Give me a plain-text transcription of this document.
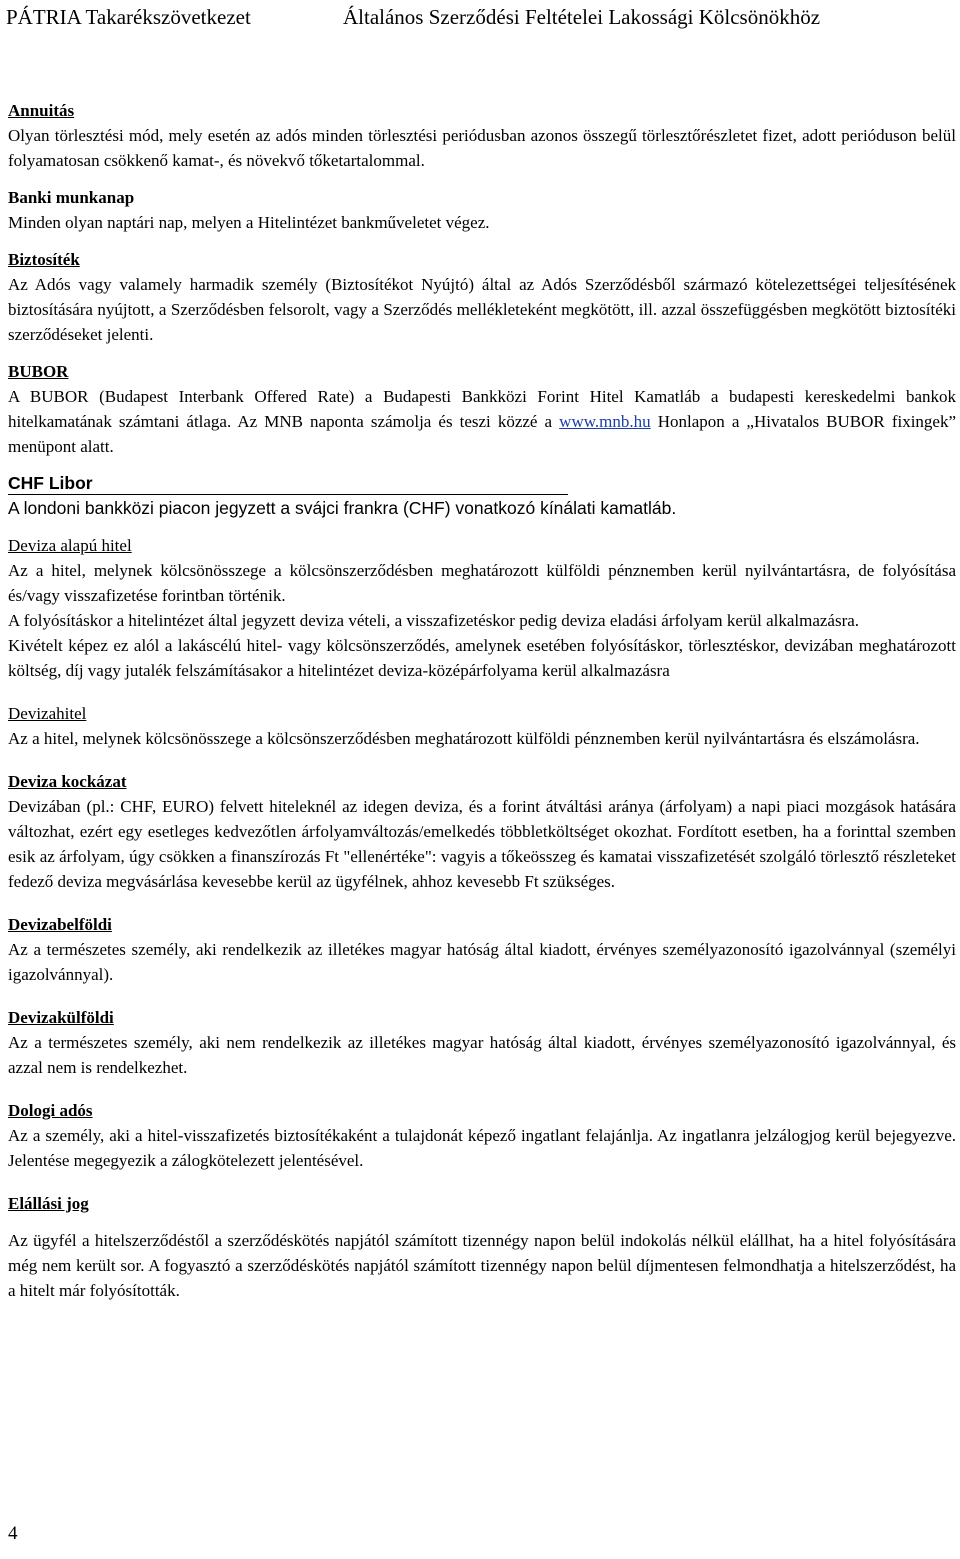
PÁTRIA Takarékszövetkezet	Általános Szerződési Feltételei Lakossági Kölcsönökhöz
Annuitás

Olyan törlesztési mód, mely esetén az adós minden törlesztési periódusban azonos összegű törlesztőrészletet fizet, adott perióduson belül folyamatosan csökkenő kamat-, és növekvő tőketartalommal.

Banki munkanap

Minden olyan naptári nap, melyen a Hitelintézet bankműveletet végez.

Biztosíték

Az Adós vagy valamely harmadik személy (Biztosítékot Nyújtó) által az Adós Szerződésből származó kötelezettségei teljesítésének biztosítására nyújtott, a Szerződésben felsorolt, vagy a Szerződés mellékleteként megkötött, ill. azzal összefüggésben megkötött biztosítéki szerződéseket jelenti.

BUBOR

A BUBOR (Budapest Interbank Offered Rate) a Budapesti Bankközi Forint Hitel Kamatláb a budapesti kereskedelmi bankok hitelkamatának számtani átlaga. Az MNB naponta számolja és teszi közzé a www.mnb.hu Honlapon a „Hivatalos BUBOR fixingek” menüpont alatt.

CHF Libor

A londoni bankközi piacon jegyzett a svájci frankra (CHF) vonatkozó kínálati kamatláb.

Deviza alapú hitel

Az a hitel, melynek kölcsönösszege a kölcsönszerződésben meghatározott külföldi pénznemben kerül nyilvántartásra, de folyósítása és/vagy visszafizetése forintban történik.

A folyósításkor a hitelintézet által jegyzett deviza vételi, a visszafizetéskor pedig deviza eladási árfolyam kerül alkalmazásra.

Kivételt képez ez alól a lakáscélú hitel- vagy kölcsönszerződés, amelynek esetében folyósításkor, törlesztéskor, devizában meghatározott költség, díj vagy jutalék felszámításakor a hitelintézet deviza-középárfolyama kerül alkalmazásra

Devizahitel

Az a hitel, melynek kölcsönösszege a kölcsönszerződésben meghatározott külföldi pénznemben kerül nyilvántartásra és elszámolásra.

Deviza kockázat

Devizában (pl.: CHF, EURO) felvett hiteleknél az idegen deviza, és a forint átváltási aránya (árfolyam) a napi piaci mozgások hatására változhat, ezért egy esetleges kedvezőtlen árfolyamváltozás/emelkedés többletköltséget okozhat. Fordított esetben, ha a forinttal szemben esik az árfolyam, úgy csökken a finanszírozás Ft "ellenértéke": vagyis a tőkeösszeg és kamatai visszafizetését szolgáló törlesztő részleteket fedező deviza megvásárlása kevesebbe kerül az ügyfélnek, ahhoz kevesebb Ft szükséges.

Devizabelföldi

Az a természetes személy, aki rendelkezik az illetékes magyar hatóság által kiadott, érvényes személyazonosító igazolvánnyal (személyi igazolvánnyal).

Devizakülföldi

Az a természetes személy, aki nem rendelkezik az illetékes magyar hatóság által kiadott, érvényes személyazonosító igazolvánnyal, és azzal nem is rendelkezhet.

Dologi adós

Az a személy, aki a hitel-visszafizetés biztosítékaként a tulajdonát képező ingatlant felajánlja. Az ingatlanra jelzálogjog kerül bejegyezve. Jelentése megegyezik a zálogkötelezett jelentésével.

Elállási jog

Az ügyfél a hitelszerződéstől a szerződéskötés napjától számított tizennégy napon belül indokolás nélkül elállhat, ha a hitel folyósítására még nem került sor. A fogyasztó a szerződéskötés napjától számított tizennégy napon belül díjmentesen felmondhatja a hitelszerződést, ha a hitelt már folyósították.

4
